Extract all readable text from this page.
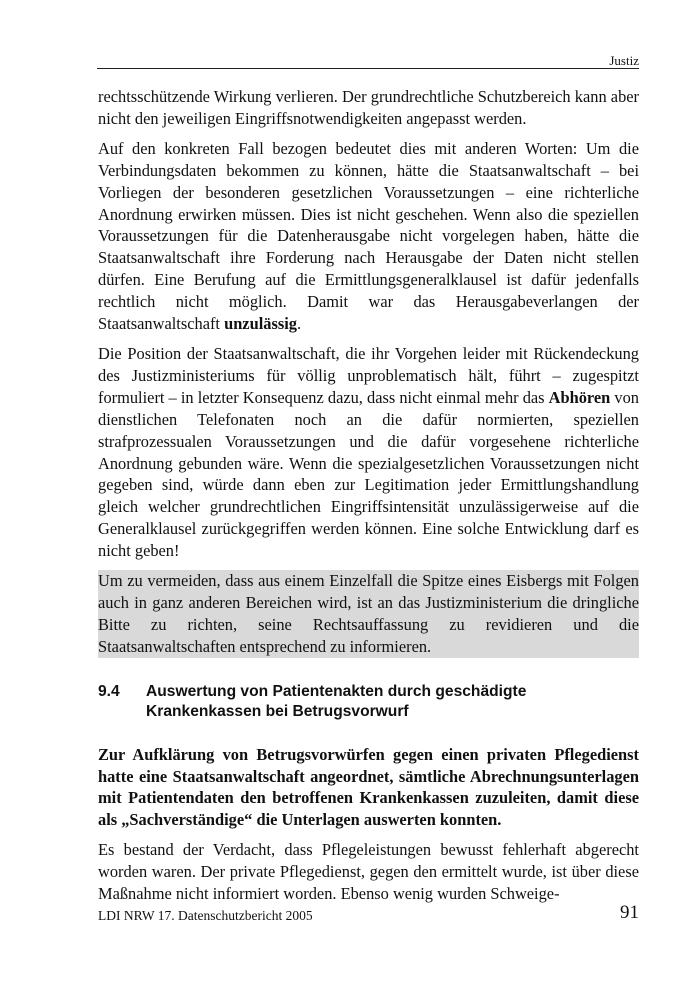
Justiz

rechtsschützende Wirkung verlieren. Der grundrechtliche Schutzbereich kann aber nicht den jeweiligen Eingriffsnotwendigkeiten angepasst werden.

Auf den konkreten Fall bezogen bedeutet dies mit anderen Worten: Um die Verbindungsdaten bekommen zu können, hätte die Staatsanwaltschaft – bei Vorliegen der besonderen gesetzlichen Voraussetzungen – eine richterliche Anordnung erwirken müssen. Dies ist nicht geschehen. Wenn also die speziellen Voraussetzungen für die Datenherausgabe nicht vorgelegen haben, hätte die Staatsanwaltschaft ihre Forderung nach Herausgabe der Daten nicht stellen dürfen. Eine Berufung auf die Ermittlungsgeneralklausel ist dafür jedenfalls rechtlich nicht möglich. Damit war das Herausgabeverlangen der Staatsanwaltschaft unzulässig.

Die Position der Staatsanwaltschaft, die ihr Vorgehen leider mit Rückendeckung des Justizministeriums für völlig unproblematisch hält, führt – zugespitzt formuliert – in letzter Konsequenz dazu, dass nicht einmal mehr das Abhören von dienstlichen Telefonaten noch an die dafür normierten, speziellen strafprozessualen Voraussetzungen und die dafür vorgesehene richterliche Anordnung gebunden wäre. Wenn die spezialgesetzlichen Voraussetzungen nicht gegeben sind, würde dann eben zur Legitimation jeder Ermittlungshandlung gleich welcher grundrechtlichen Eingriffsintensität unzulässigerweise auf die Generalklausel zurückgegriffen werden können. Eine solche Entwicklung darf es nicht geben!

Um zu vermeiden, dass aus einem Einzelfall die Spitze eines Eisbergs mit Folgen auch in ganz anderen Bereichen wird, ist an das Justizministerium die dringliche Bitte zu richten, seine Rechtsauffassung zu revidieren und die Staatsanwaltschaften entsprechend zu informieren.

9.4	Auswertung von Patientenakten durch geschädigte Krankenkassen bei Betrugsvorwurf

Zur Aufklärung von Betrugsvorwürfen gegen einen privaten Pflegedienst hatte eine Staatsanwaltschaft angeordnet, sämtliche Abrechnungsunterlagen mit Patientendaten den betroffenen Krankenkassen zuzuleiten, damit diese als „Sachverständige“ die Unterlagen auswerten konnten.

Es bestand der Verdacht, dass Pflegeleistungen bewusst fehlerhaft abgerecht worden waren. Der private Pflegedienst, gegen den ermittelt wurde, ist über diese Maßnahme nicht informiert worden. Ebenso wenig wurden Schweige-

LDI NRW 17. Datenschutzbericht 2005	91
